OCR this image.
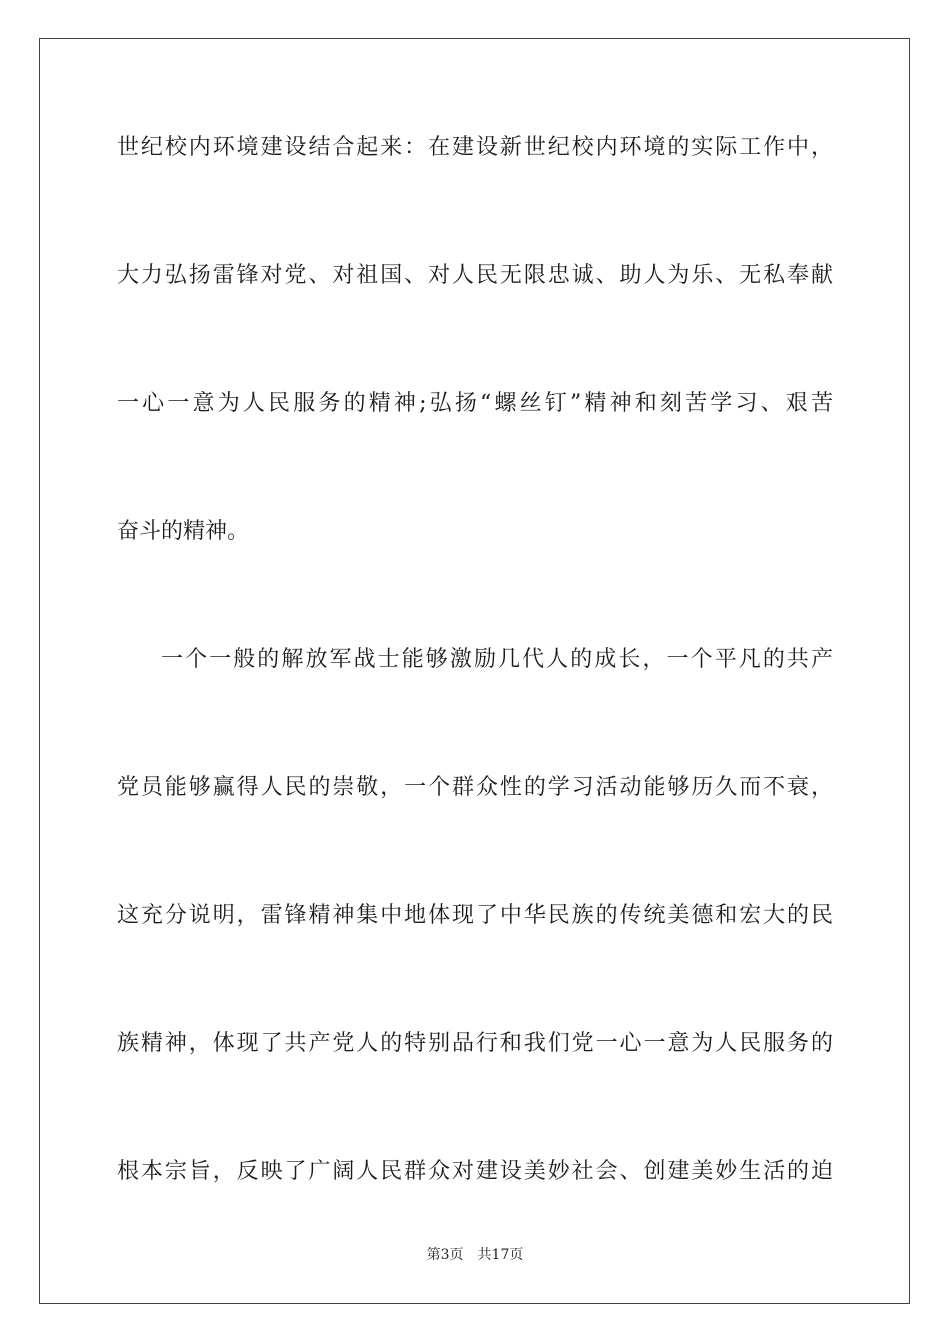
世纪校内环境建设结合起来：在建设新世纪校内环境的实际工作中，
大力弘扬雷锋对党、对祖国、对人民无限忠诚、助人为乐、无私奉献
一心一意为人民服务的精神;弘扬“螺丝钉”精神和刻苦学习、艰苦
奋斗的精神。
一个一般的解放军战士能够激励几代人的成长，一个平凡的共产
党员能够赢得人民的崇敬，一个群众性的学习活动能够历久而不衰，
这充分说明，雷锋精神集中地体现了中华民族的传统美德和宏大的民
族精神，体现了共产党人的特别品行和我们党一心一意为人民服务的
根本宗旨，反映了广阔人民群众对建设美妙社会、创建美妙生活的迫
第3页 共17页
